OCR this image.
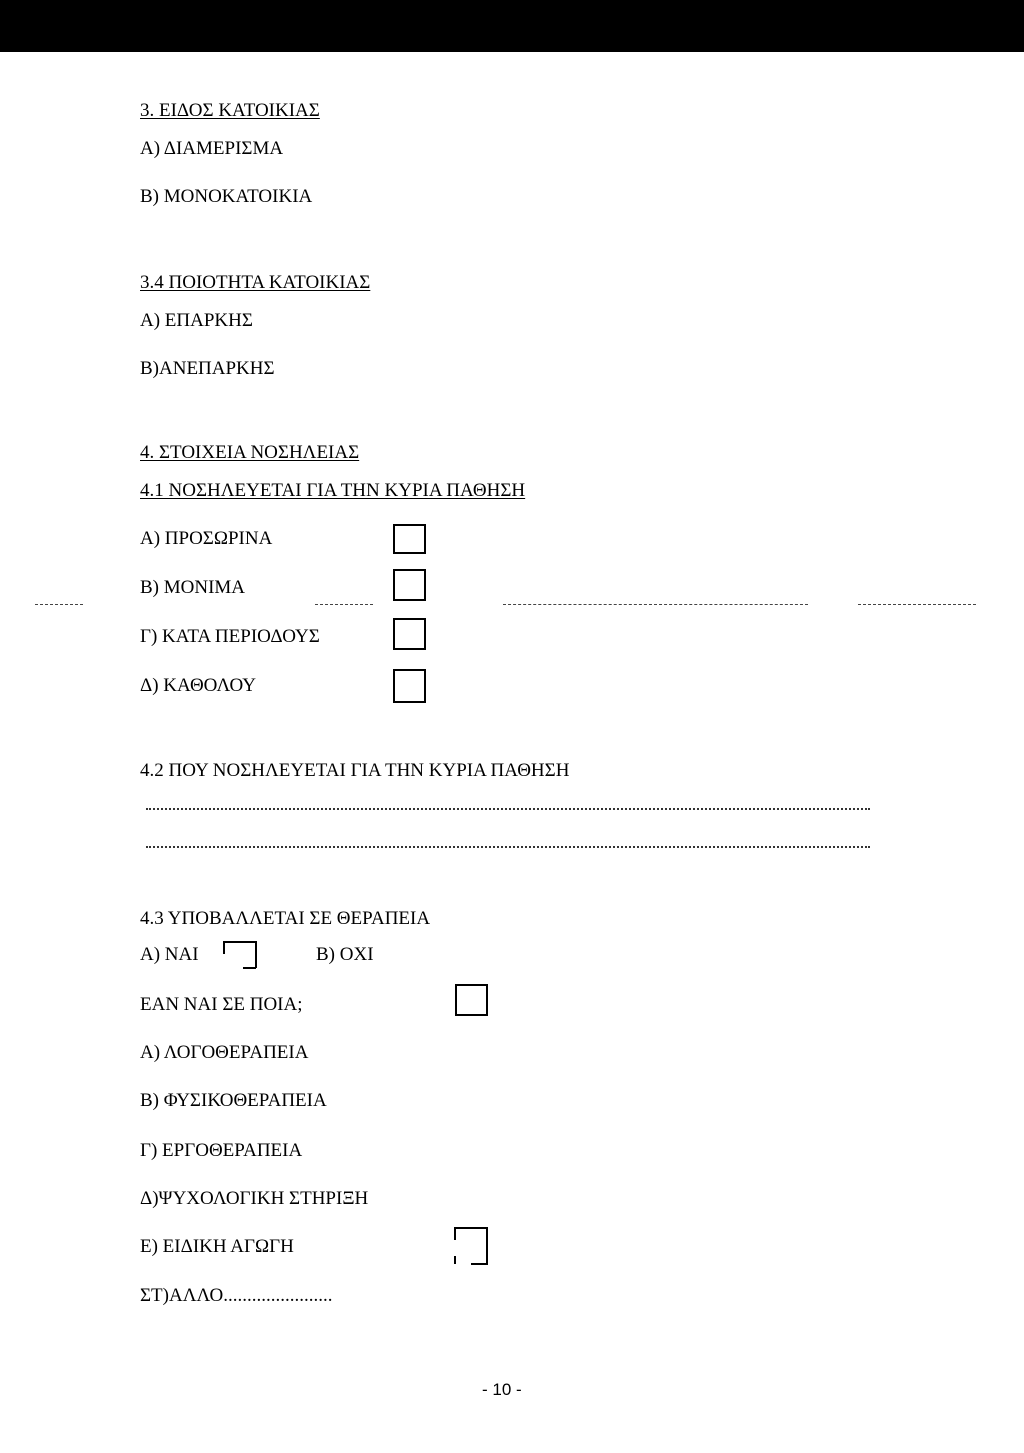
3. ΕΙΔΟΣ ΚΑΤΟΙΚΙΑΣ
Α) ΔΙΑΜΕΡΙΣΜΑ
Β) ΜΟΝΟΚΑΤΟΙΚΙΑ
3.4 ΠΟΙΟΤΗΤΑ ΚΑΤΟΙΚΙΑΣ
Α) ΕΠΑΡΚΗΣ
Β)ΑΝΕΠΑΡΚΗΣ
4. ΣΤΟΙΧΕΙΑ ΝΟΣΗΛΕΙΑΣ
4.1 ΝΟΣΗΛΕΥΕΤΑΙ ΓΙΑ ΤΗΝ ΚΥΡΙΑ ΠΑΘΗΣΗ
Α) ΠΡΟΣΩΡΙΝΑ
Β) ΜΟΝΙΜΑ
Γ) ΚΑΤΑ ΠΕΡΙΟΔΟΥΣ
Δ) ΚΑΘΟΛΟΥ
4.2 ΠΟΥ ΝΟΣΗΛΕΥΕΤΑΙ ΓΙΑ ΤΗΝ ΚΥΡΙΑ ΠΑΘΗΣΗ
4.3 ΥΠΟΒΑΛΛΕΤΑΙ ΣΕ ΘΕΡΑΠΕΙΑ
Α) ΝΑΙ	Β) ΟΧΙ
ΕΑΝ ΝΑΙ ΣΕ ΠΟΙΑ;
Α) ΛΟΓΟΘΕΡΑΠΕΙΑ
Β) ΦΥΣΙΚΟΘΕΡΑΠΕΙΑ
Γ) ΕΡΓΟΘΕΡΑΠΕΙΑ
Δ)ΨΥΧΟΛΟΓΙΚΗ ΣΤΗΡΙΞΗ
Ε) ΕΙΔΙΚΗ ΑΓΩΓΗ
ΣΤ)ΑΛΛΟ.......................
- 10 -
